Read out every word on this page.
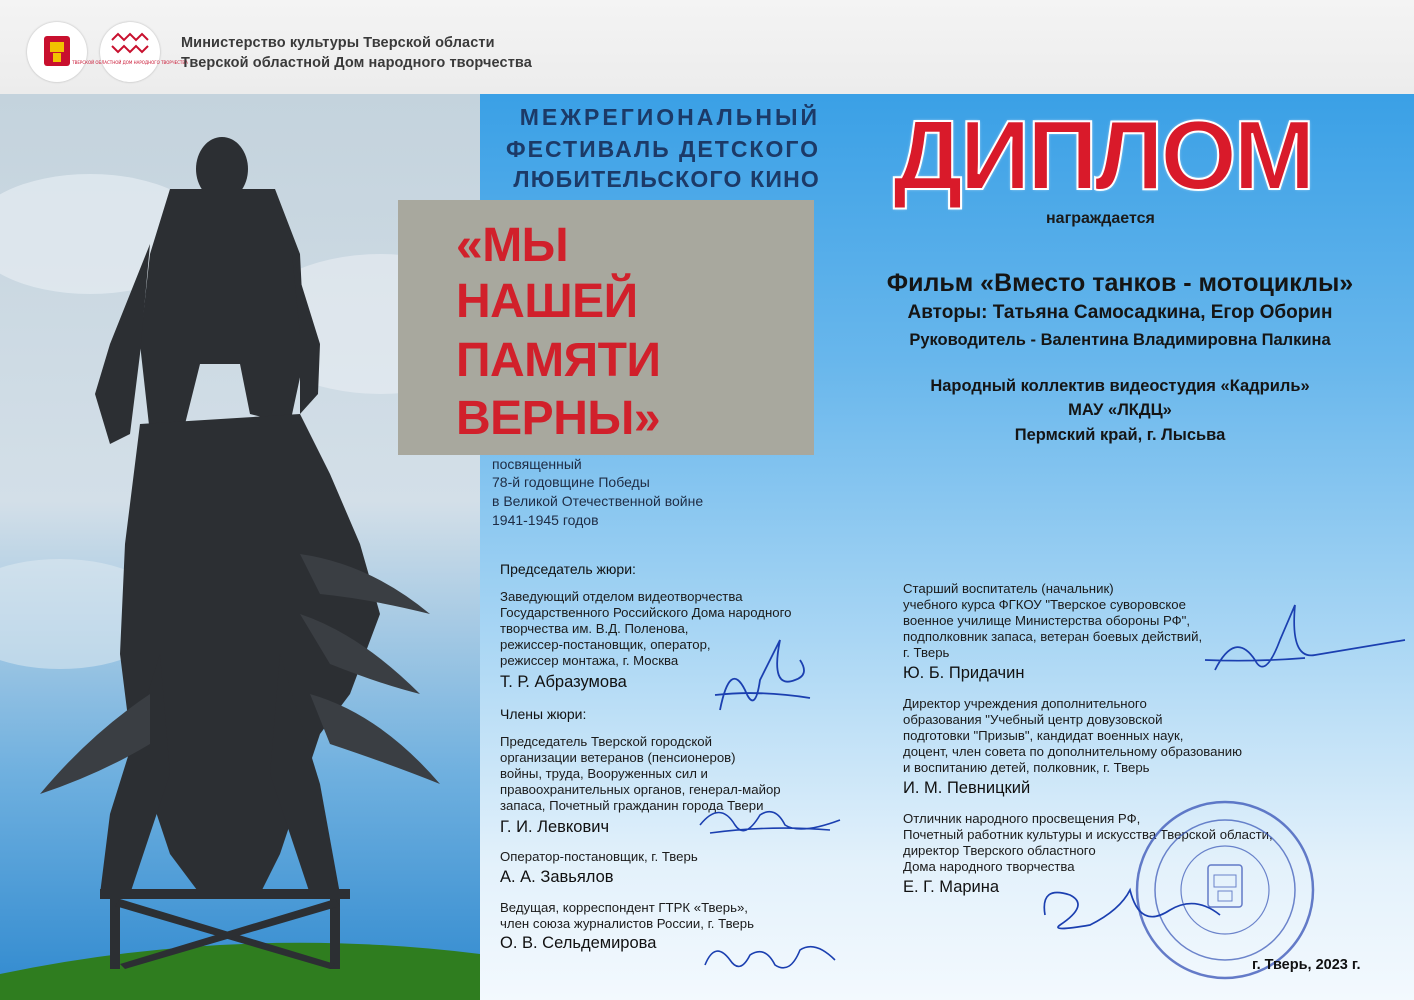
ТВЕРСКОЙ ОБЛАСТНОЙ ДОМ НАРОДНОГО ТВОРЧЕСТВА
Министерство культуры Тверской области
Тверской областной Дом народного творчества
МЕЖРЕГИОНАЛЬНЫЙ
ФЕСТИВАЛЬ ДЕТСКОГО
ЛЮБИТЕЛЬСКОГО КИНО
«МЫ
НАШЕЙ
ПАМЯТИ
ВЕРНЫ»
посвященный
78-й годовщине Победы
в Великой Отечественной войне
1941-1945 годов
ДИПЛОМ
награждается
Фильм «Вместо танков - мотоциклы»
Авторы: Татьяна Самосадкина, Егор Оборин
Руководитель - Валентина Владимировна Палкина
Народный коллектив видеостудия «Кадриль»
МАУ «ЛКДЦ»
Пермский край, г. Лысьва
Председатель жюри:
Заведующий отделом видеотворчества
Государственного Российского Дома народного
творчества им. В.Д. Поленова,
режиссер-постановщик, оператор,
режиссер монтажа, г. Москва
Т. Р. Абразумова
Члены жюри:
Председатель Тверской городской
организации ветеранов (пенсионеров)
войны, труда, Вооруженных сил и
правоохранительных органов, генерал-майор
запаса, Почетный гражданин города Твери
Г. И. Левкович
Оператор-постановщик, г. Тверь
А. А. Завьялов
Ведущая, корреспондент ГТРК «Тверь»,
член союза журналистов России, г. Тверь
О. В. Сельдемирова
Старший воспитатель (начальник)
учебного курса ФГКОУ "Тверское суворовское
военное училище Министерства обороны РФ",
подполковник запаса, ветеран боевых действий,
г. Тверь
Ю. Б. Придачин
Директор учреждения дополнительного
образования "Учебный центр довузовской
подготовки "Призыв", кандидат военных наук,
доцент, член совета по дополнительному образованию
и воспитанию детей, полковник, г. Тверь
И. М. Певницкий
Отличник народного просвещения РФ,
Почетный работник культуры и искусства Тверской области,
директор Тверского областного
Дома народного творчества
Е. Г. Марина
г. Тверь, 2023 г.
